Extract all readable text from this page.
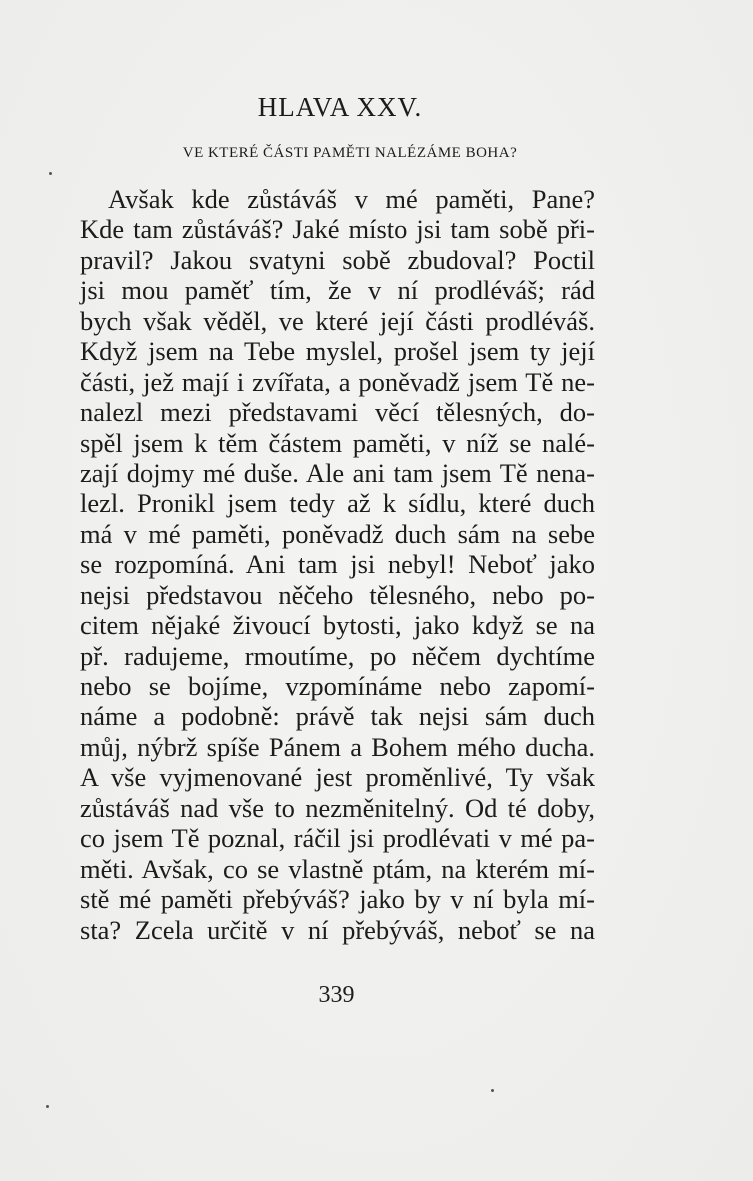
HLAVA XXV.
VE KTERÉ ČÁSTI PAMĚTI NALÉZÁME BOHA?
Avšak kde zůstáváš v mé paměti, Pane?
Kde tam zůstáváš? Jaké místo jsi tam sobě při-
pravil? Jakou svatyni sobě zbudoval? Poctil
jsi mou paměť tím, že v ní prodléváš; rád
bych však věděl, ve které její části prodléváš.
Když jsem na Tebe myslel, prošel jsem ty její
části, jež mají i zvířata, a poněvadž jsem Tě ne-
nalezl mezi představami věcí tělesných, do-
spěl jsem k těm částem paměti, v níž se nalé-
zají dojmy mé duše. Ale ani tam jsem Tě nena-
lezl. Pronikl jsem tedy až k sídlu, které duch
má v mé paměti, poněvadž duch sám na sebe
se rozpomíná. Ani tam jsi nebyl! Neboť jako
nejsi představou něčeho tělesného, nebo po-
citem nějaké živoucí bytosti, jako když se na
př. radujeme, rmoutíme, po něčem dychtíme
nebo se bojíme, vzpomínáme nebo zapomí-
náme a podobně: právě tak nejsi sám duch
můj, nýbrž spíše Pánem a Bohem mého ducha.
A vše vyjmenované jest proměnlivé, Ty však
zůstáváš nad vše to nezměnitelný. Od té doby,
co jsem Tě poznal, ráčil jsi prodlévati v mé pa-
měti. Avšak, co se vlastně ptám, na kterém mí-
stě mé paměti přebýváš? jako by v ní byla mí-
sta? Zcela určitě v ní přebýváš, neboť se na
339
